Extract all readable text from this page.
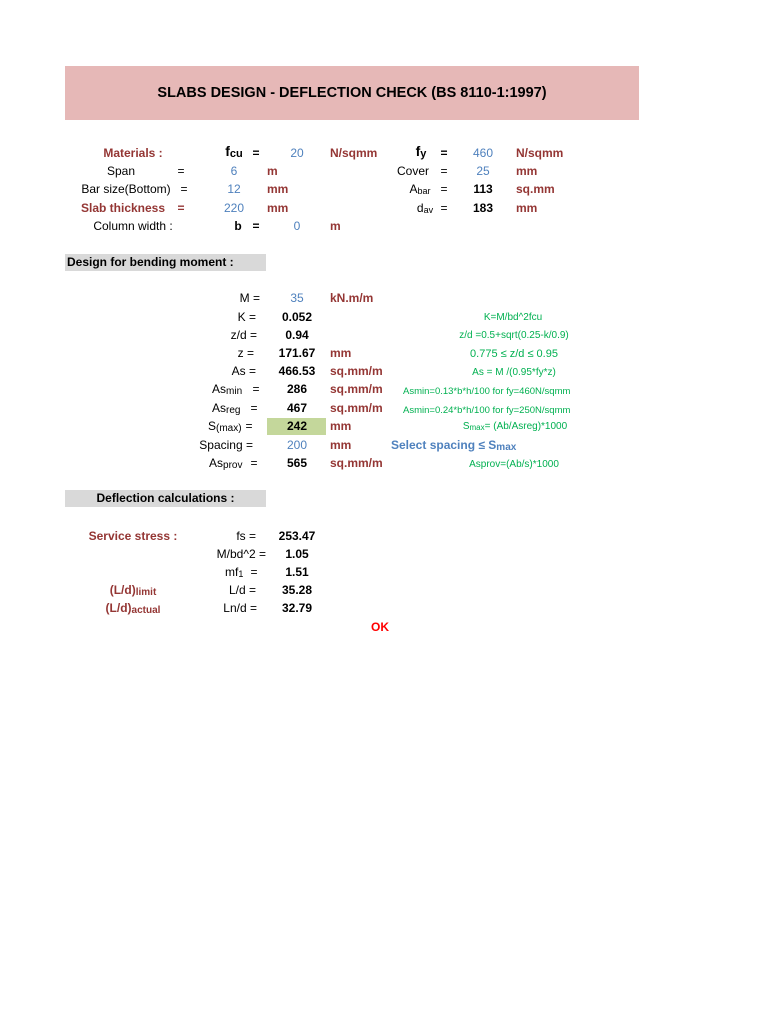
SLABS DESIGN - DEFLECTION CHECK (BS 8110-1:1997)
Materials :	$f_{cu}$ =	20 N/sqmm	$f_y = 460$ N/sqmm
Span	=	6 m	Cover = 25 mm
Bar size(Bottom) =	12 mm	$A_{bar} = 113$ sq.mm
Slab thickness =	220 mm	$d_{av} = 183$ mm
Column width :	b =	0 m
Design for bending moment :
M =	35 kN.m/m
K = 0.052	K=M/bd^2fcu
z/d = 0.94	z/d =0.5+sqrt(0.25-k/0.9)
z = 171.67 mm	0.775 ≤ z/d ≤ 0.95
As = 466.53 sq.mm/m	As = M /(0.95*fy*z)
$As_{min} = 286$ sq.mm/m Asmin=0.13*b*h/100 for fy=460N/sqmm
$As_{reg} = 467$ sq.mm/m Asmin=0.24*b*h/100 for fy=250N/sqmm
$S_{(max)}$ =	242 mm	$S_{max}=$ (Ab/Asreg)*1000
Spacing =	200 mm	Select spacing ≤ $S_{max}$
$As_{prov} = 565$ sq.mm/m	Asprov=(Ab/s)*1000
Deflection calculations :
Service stress :	fs = 253.47
M/bd^2 = 1.05
$mf_1 = 1.51$
$(L/d)_{limit}$	L/d = 35.28
$(L/d)_{actual}$	Ln/d = 32.79
OK
